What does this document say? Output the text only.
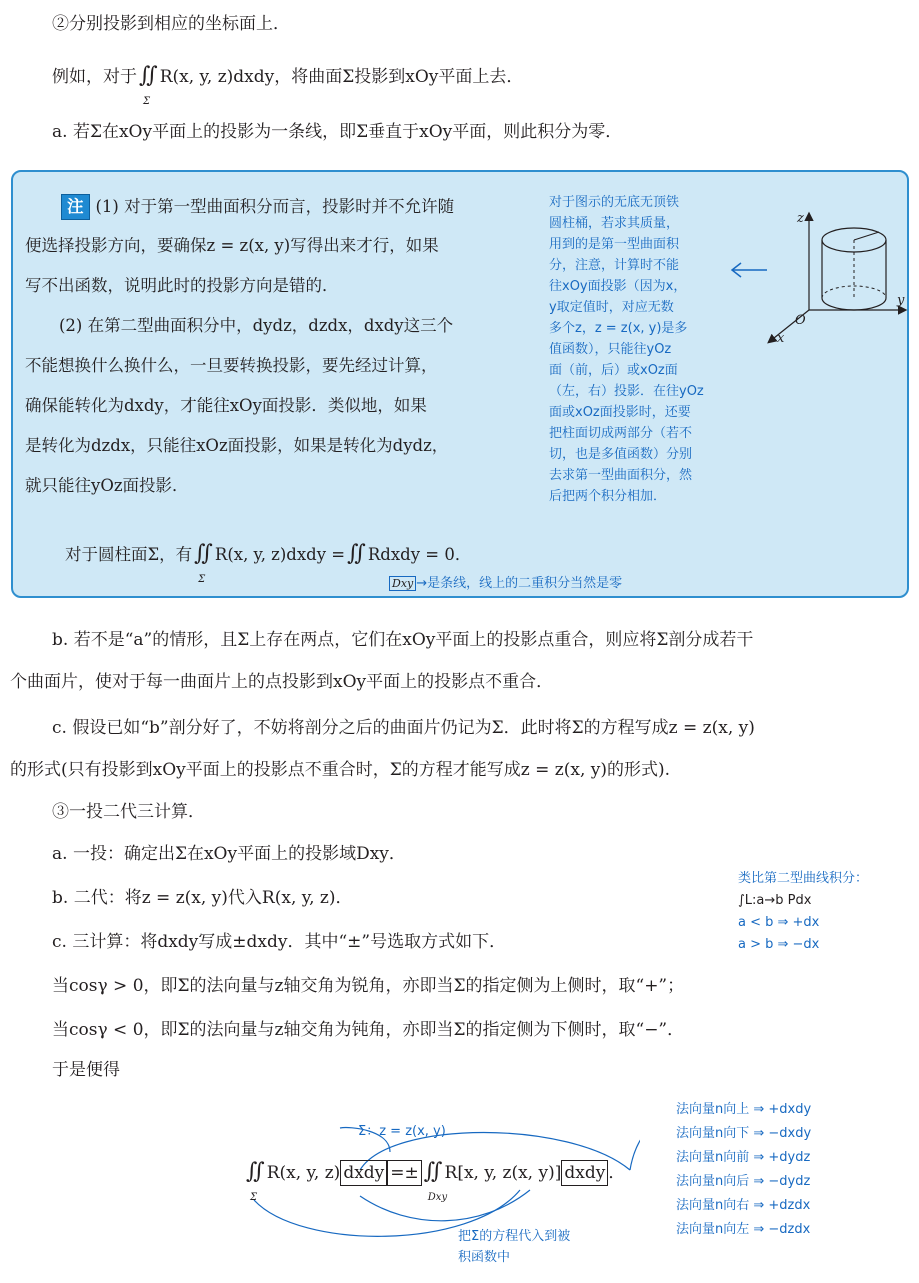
②分别投影到相应的坐标面上．
例如，对于∬
Σ
R(x, y, z)dxdy，将曲面Σ投影到xOy平面上去．
a. 若Σ在xOy平面上的投影为一条线，即Σ垂直于xOy平面，则此积分为零．
注 (1) 对于第一型曲面积分而言，投影时并不允许随
便选择投影方向，要确保z = z(x, y)写得出来才行，如果
写不出函数，说明此时的投影方向是错的．
(2) 在第二型曲面积分中，dydz，dzdx，dxdy这三个
不能想换什么换什么，一旦要转换投影，要先经过计算，
确保能转化为dxdy，才能往xOy面投影．类似地，如果
是转化为dzdx，只能往xOz面投影，如果是转化为dydz，
就只能往yOz面投影．
对于图示的无底无顶铁
圆柱桶，若求其质量，
用到的是第一型曲面积
分，注意，计算时不能
往xOy面投影（因为x，
y取定值时，对应无数
多个z，z = z(x, y)是多
值函数），只能往yOz
面（前，后）或xOz面
（左，右）投影．在往yOz
面或xOz面投影时，还要
把柱面切成两部分（若不
切，也是多值函数）分别
去求第一型曲面积分，然
后把两个积分相加．
z
y
x
O
对于圆柱面Σ，有∬
Σ
R(x, y, z)dxdy =∬ Rdxdy = 0．
Dxy →是条线，线上的二重积分当然是零
b. 若不是“a”的情形，且Σ上存在两点，它们在xOy平面上的投影点重合，则应将Σ剖分成若干
个曲面片，使对于每一曲面片上的点投影到xOy平面上的投影点不重合．
c. 假设已如“b”剖分好了，不妨将剖分之后的曲面片仍记为Σ．此时将Σ的方程写成z = z(x, y)
的形式(只有投影到xOy平面上的投影点不重合时，Σ的方程才能写成z = z(x, y)的形式).
③一投二代三计算．
a. 一投：确定出Σ在xOy平面上的投影域Dxy．
b. 二代：将z = z(x, y)代入R(x, y, z)．
c. 三计算：将dxdy写成±dxdy．其中“±”号选取方式如下．
当cosγ > 0，即Σ的法向量与z轴交角为锐角，亦即当Σ的指定侧为上侧时，取“+”；
当cosγ < 0，即Σ的法向量与z轴交角为钝角，亦即当Σ的指定侧为下侧时，取“−”．
于是便得
类比第二型曲线积分：
∫L:a→b Pdx
a < b ⇒ +dx
a > b ⇒ −dx
Σ：z = z(x, y)
∬
Σ
R(x, y, z) dxdy =± ∬
Dxy
R[x, y, z(x, y)] dxdy ．
把Σ的方程代入到被
积函数中
法向量n向上 ⇒ +dxdy
法向量n向下 ⇒ −dxdy
法向量n向前 ⇒ +dydz
法向量n向后 ⇒ −dydz
法向量n向右 ⇒ +dzdx
法向量n向左 ⇒ −dzdx
